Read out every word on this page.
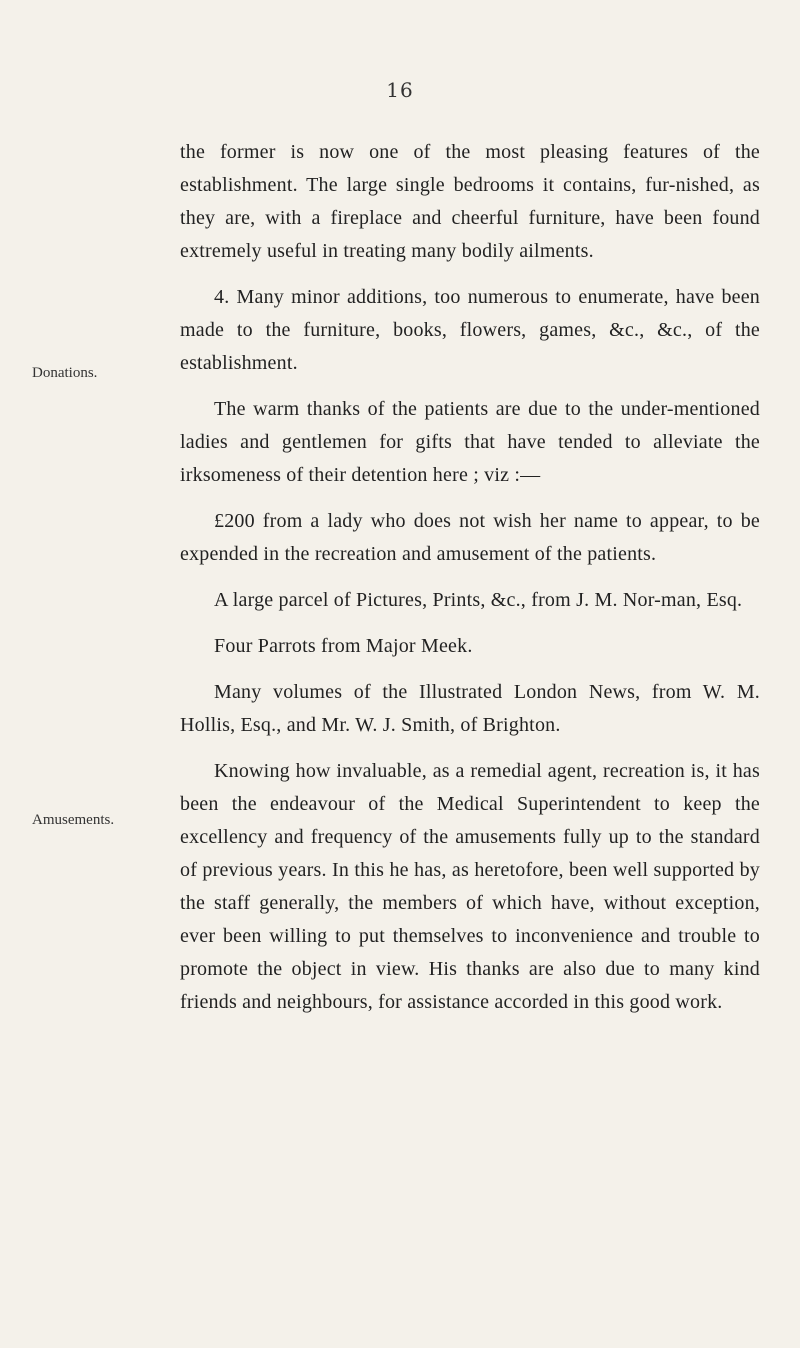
16
Donations.
Amusements.

the former is now one of the most pleasing features of the establishment. The large single bedrooms it contains, fur-nished, as they are, with a fireplace and cheerful furniture, have been found extremely useful in treating many bodily ailments.

4. Many minor additions, too numerous to enumerate, have been made to the furniture, books, flowers, games, &c., &c., of the establishment.

The warm thanks of the patients are due to the under-mentioned ladies and gentlemen for gifts that have tended to alleviate the irksomeness of their detention here ; viz :—

£200 from a lady who does not wish her name to appear, to be expended in the recreation and amusement of the patients.

A large parcel of Pictures, Prints, &c., from J. M. Nor-man, Esq.

Four Parrots from Major Meek.

Many volumes of the Illustrated London News, from W. M. Hollis, Esq., and Mr. W. J. Smith, of Brighton.

Knowing how invaluable, as a remedial agent, recreation is, it has been the endeavour of the Medical Superintendent to keep the excellency and frequency of the amusements fully up to the standard of previous years. In this he has, as heretofore, been well supported by the staff generally, the members of which have, without exception, ever been willing to put themselves to inconvenience and trouble to promote the object in view. His thanks are also due to many kind friends and neighbours, for assistance accorded in this good work.
